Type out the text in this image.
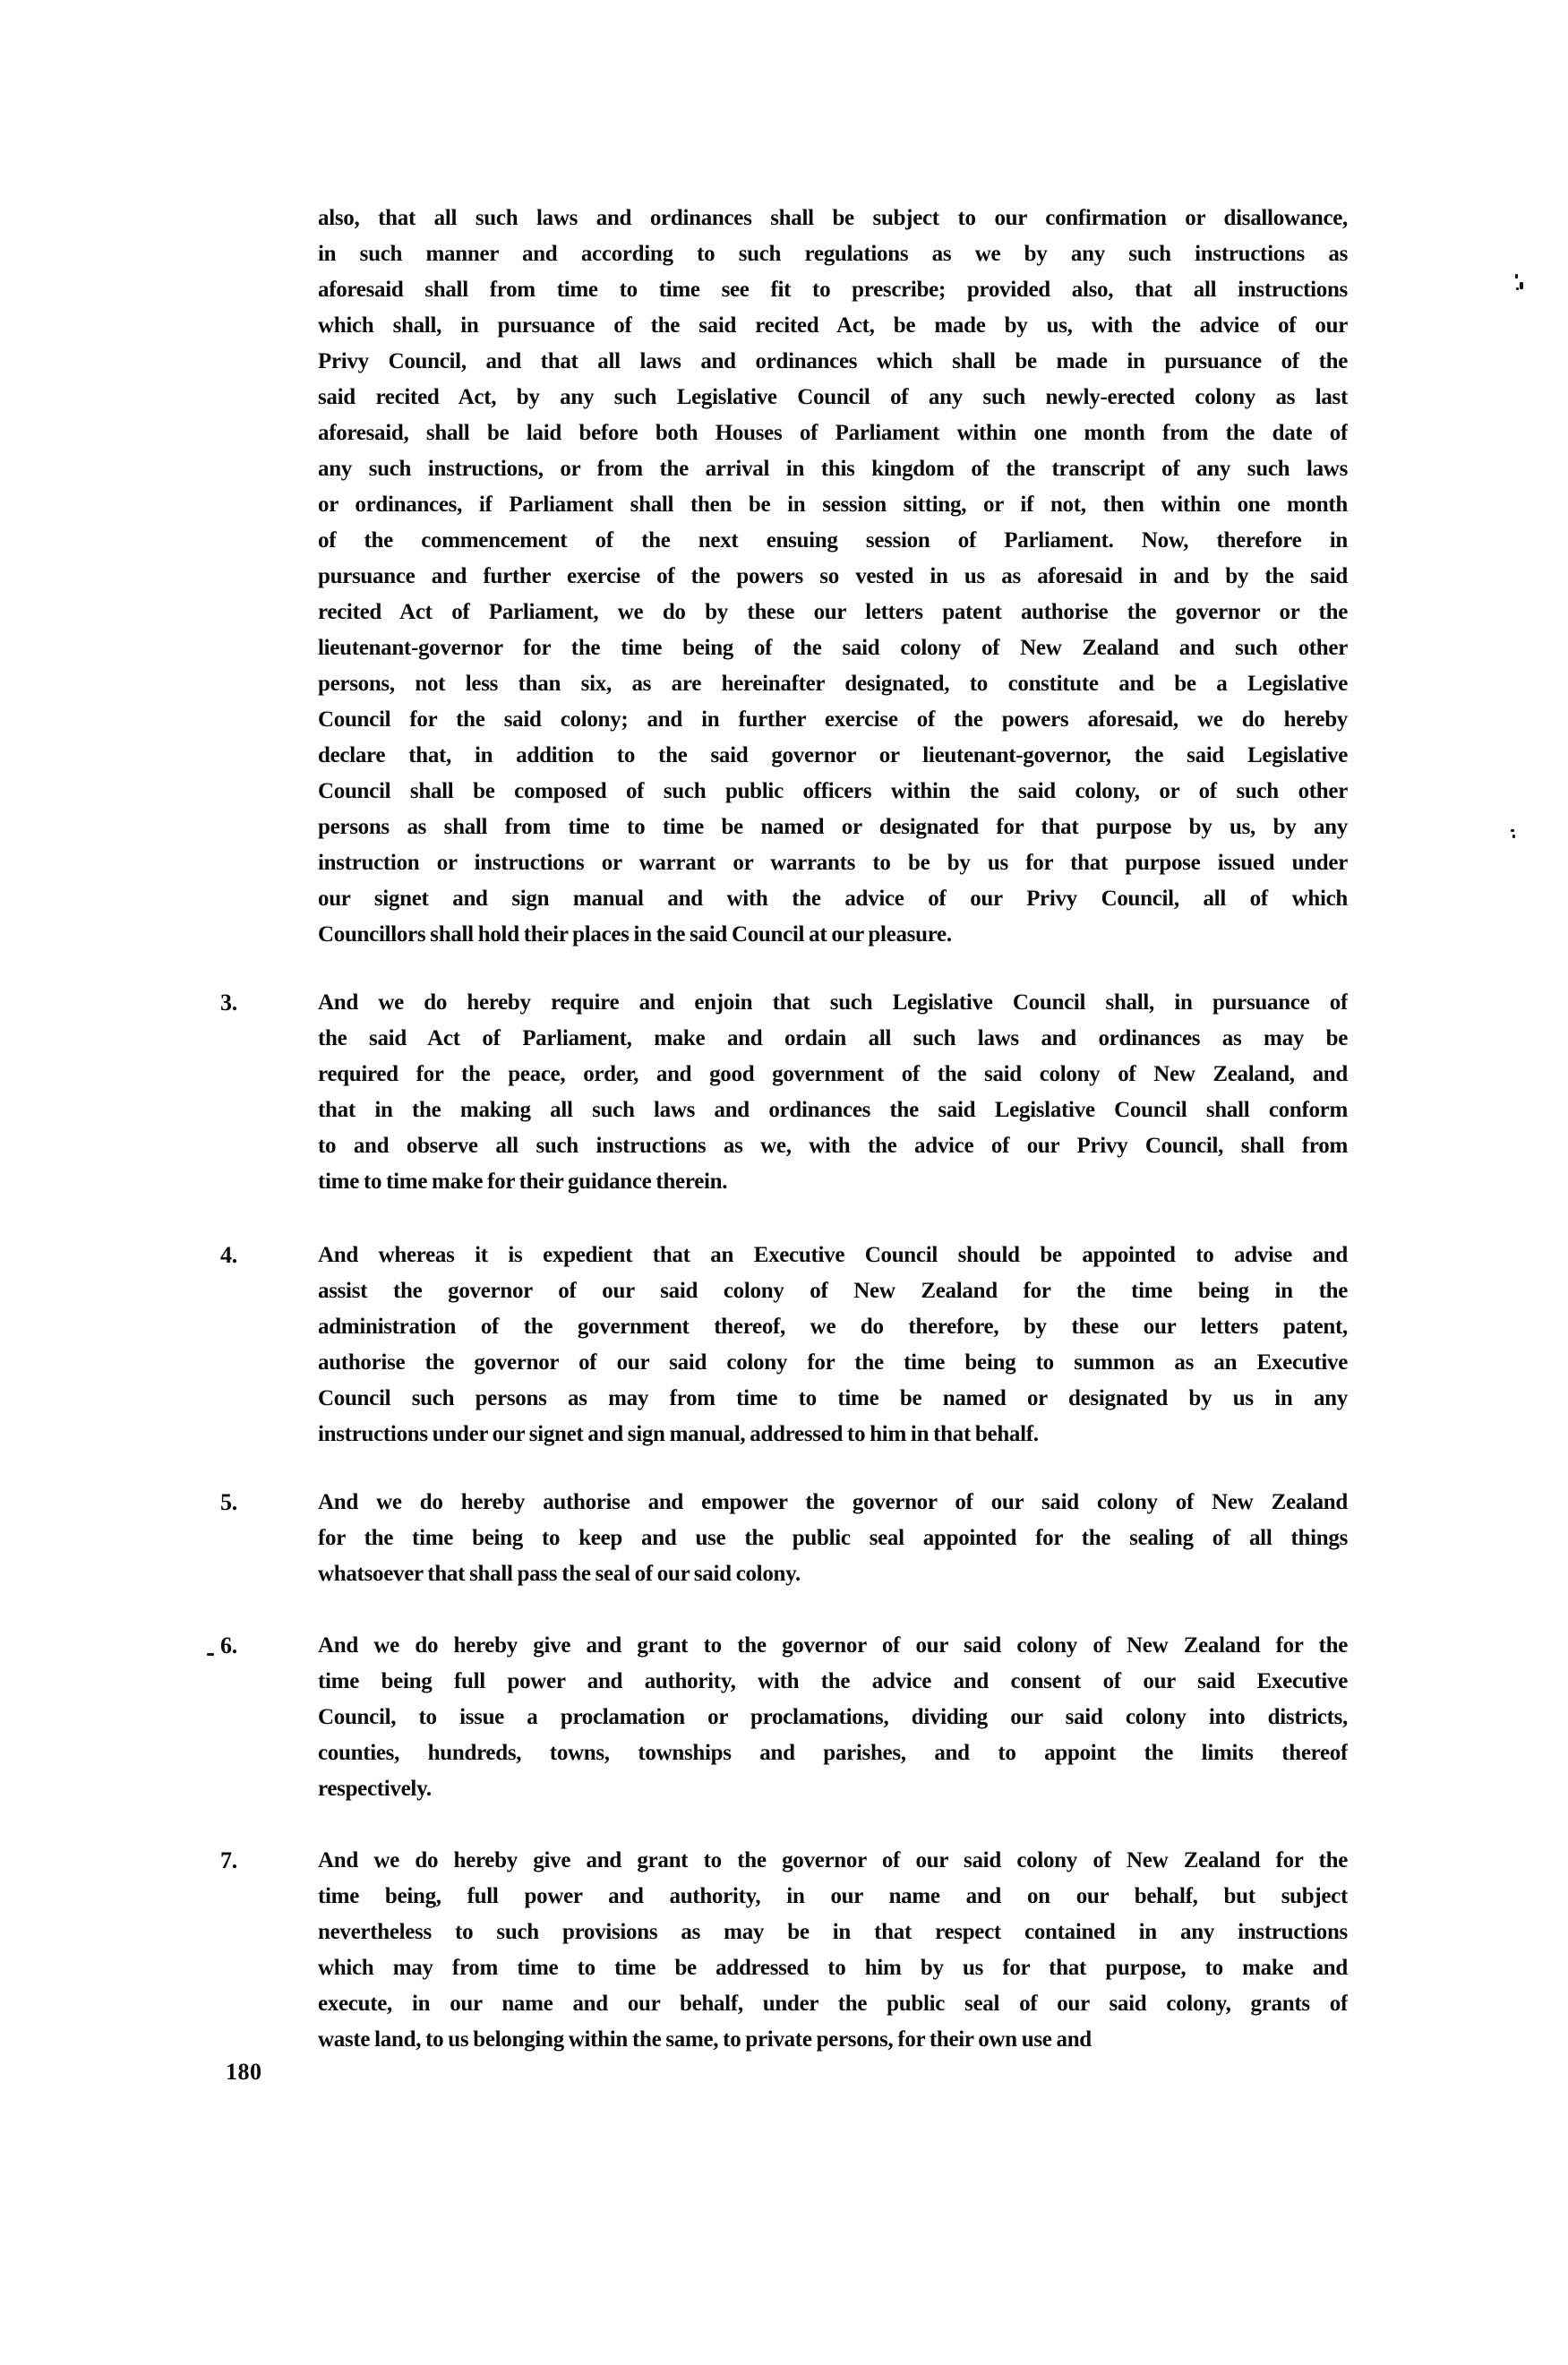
also, that all such laws and ordinances shall be subject to our confirmation or disallowance,
in such manner and according to such regulations as we by any such instructions as
aforesaid shall from time to time see fit to prescribe; provided also, that all instructions
which shall, in pursuance of the said recited Act, be made by us, with the advice of our
Privy Council, and that all laws and ordinances which shall be made in pursuance of the
said recited Act, by any such Legislative Council of any such newly-erected colony as last
aforesaid, shall be laid before both Houses of Parliament within one month from the date of
any such instructions, or from the arrival in this kingdom of the transcript of any such laws
or ordinances, if Parliament shall then be in session sitting, or if not, then within one month
of the commencement of the next ensuing session of Parliament. Now, therefore in
pursuance and further exercise of the powers so vested in us as aforesaid in and by the said
recited Act of Parliament, we do by these our letters patent authorise the governor or the
lieutenant-governor for the time being of the said colony of New Zealand and such other
persons, not less than six, as are hereinafter designated, to constitute and be a Legislative
Council for the said colony; and in further exercise of the powers aforesaid, we do hereby
declare that, in addition to the said governor or lieutenant-governor, the said Legislative
Council shall be composed of such public officers within the said colony, or of such other
persons as shall from time to time be named or designated for that purpose by us, by any
instruction or instructions or warrant or warrants to be by us for that purpose issued under
our signet and sign manual and with the advice of our Privy Council, all of which
Councillors shall hold their places in the said Council at our pleasure.
3.	And we do hereby require and enjoin that such Legislative Council shall, in pursuance of
the said Act of Parliament, make and ordain all such laws and ordinances as may be
required for the peace, order, and good government of the said colony of New Zealand, and
that in the making all such laws and ordinances the said Legislative Council shall conform
to and observe all such instructions as we, with the advice of our Privy Council, shall from
time to time make for their guidance therein.
4.	And whereas it is expedient that an Executive Council should be appointed to advise and
assist the governor of our said colony of New Zealand for the time being in the
administration of the government thereof, we do therefore, by these our letters patent,
authorise the governor of our said colony for the time being to summon as an Executive
Council such persons as may from time to time be named or designated by us in any
instructions under our signet and sign manual, addressed to him in that behalf.
5.	And we do hereby authorise and empower the governor of our said colony of New Zealand
for the time being to keep and use the public seal appointed for the sealing of all things
whatsoever that shall pass the seal of our said colony.
6.	And we do hereby give and grant to the governor of our said colony of New Zealand for the
time being full power and authority, with the advice and consent of our said Executive
Council, to issue a proclamation or proclamations, dividing our said colony into districts,
counties, hundreds, towns, townships and parishes, and to appoint the limits thereof
respectively.
7.	And we do hereby give and grant to the governor of our said colony of New Zealand for the
time being, full power and authority, in our name and on our behalf, but subject
nevertheless to such provisions as may be in that respect contained in any instructions
which may from time to time be addressed to him by us for that purpose, to make and
execute, in our name and our behalf, under the public seal of our said colony, grants of
waste land, to us belonging within the same, to private persons, for their own use and
180
